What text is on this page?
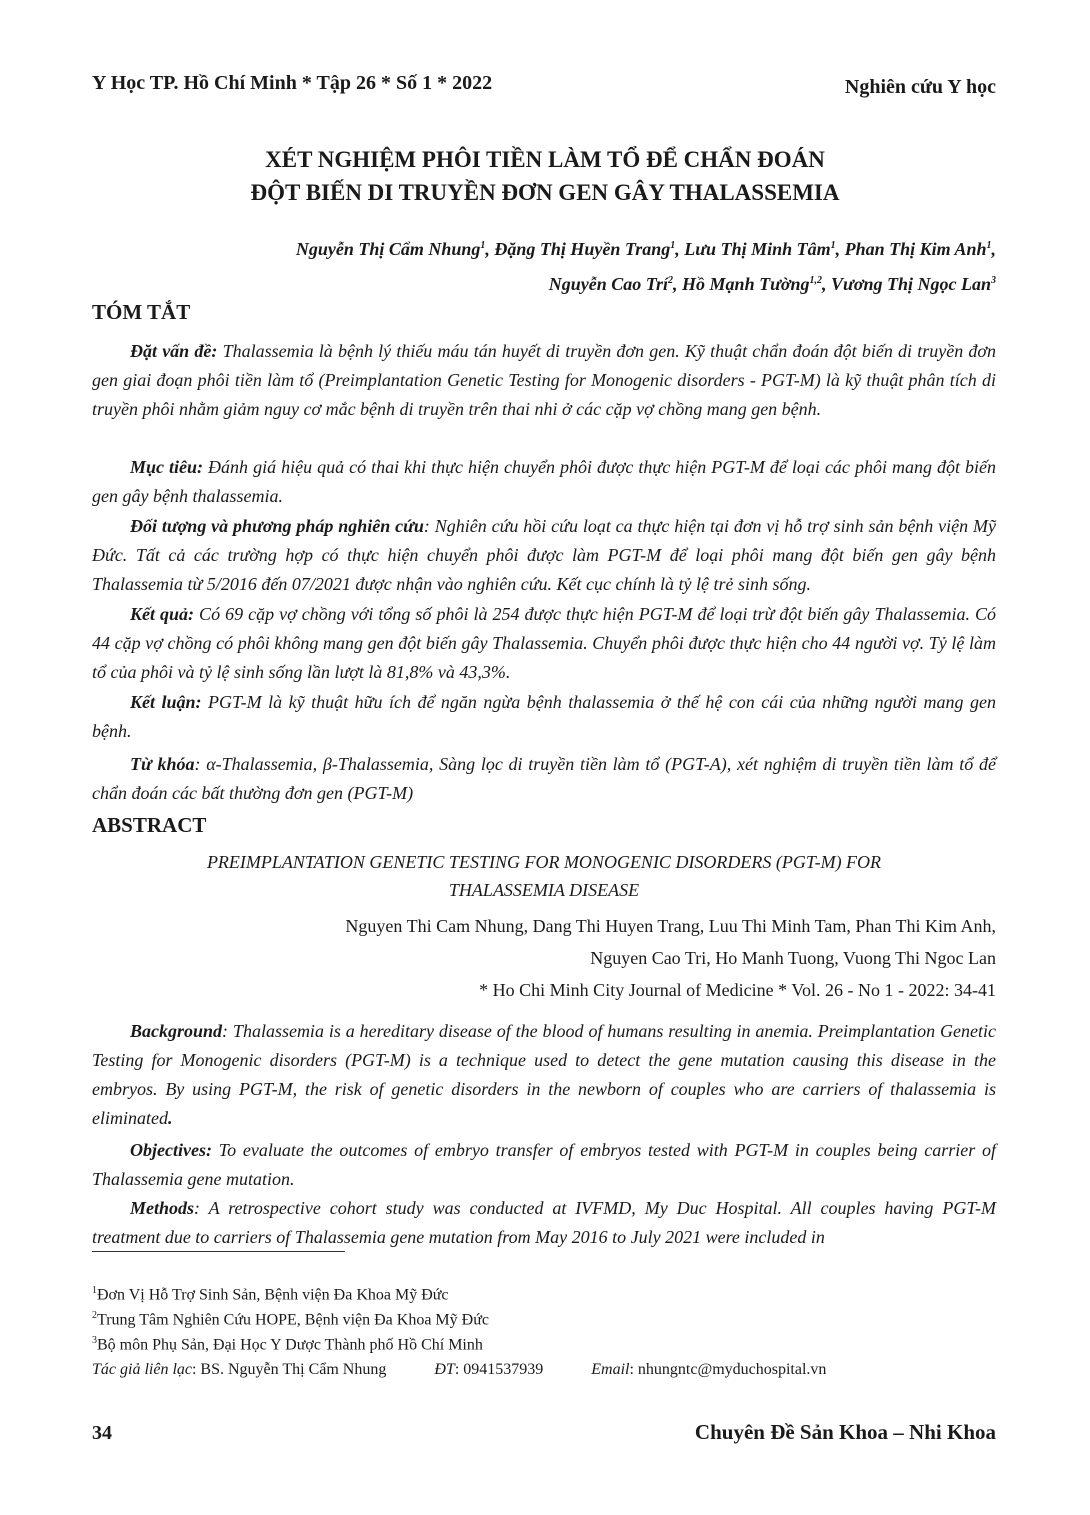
Y Học TP. Hồ Chí Minh * Tập 26 * Số 1 * 2022	Nghiên cứu Y học
XÉT NGHIỆM PHÔI TIỀN LÀM TỔ ĐỂ CHẨN ĐOÁN
ĐỘT BIẾN DI TRUYỀN ĐƠN GEN GÂY THALASSEMIA
Nguyễn Thị Cẩm Nhung$^1$, Đặng Thị Huyền Trang$^1$, Lưu Thị Minh Tâm$^1$, Phan Thị Kim Anh$^1$,
Nguyễn Cao Trí$^2$, Hồ Mạnh Tường$^{1,2}$, Vương Thị Ngọc Lan$^3$
TÓM TẮT
Đặt vấn đề: Thalassemia là bệnh lý thiếu máu tán huyết di truyền đơn gen. Kỹ thuật chẩn đoán đột biến di truyền đơn gen giai đoạn phôi tiền làm tổ (Preimplantation Genetic Testing for Monogenic disorders - PGT-M) là kỹ thuật phân tích di truyền phôi nhằm giảm nguy cơ mắc bệnh di truyền trên thai nhi ở các cặp vợ chồng mang gen bệnh.
Mục tiêu: Đánh giá hiệu quả có thai khi thực hiện chuyển phôi được thực hiện PGT-M để loại các phôi mang đột biến gen gây bệnh thalassemia.
Đối tượng và phương pháp nghiên cứu: Nghiên cứu hồi cứu loạt ca thực hiện tại đơn vị hỗ trợ sinh sản bệnh viện Mỹ Đức. Tất cả các trường hợp có thực hiện chuyển phôi được làm PGT-M để loại phôi mang đột biến gen gây bệnh Thalassemia từ 5/2016 đến 07/2021 được nhận vào nghiên cứu. Kết cục chính là tỷ lệ trẻ sinh sống.
Kết quả: Có 69 cặp vợ chồng với tổng số phôi là 254 được thực hiện PGT-M để loại trừ đột biến gây Thalassemia. Có 44 cặp vợ chồng có phôi không mang gen đột biến gây Thalassemia. Chuyển phôi được thực hiện cho 44 người vợ. Tỷ lệ làm tổ của phôi và tỷ lệ sinh sống lần lượt là 81,8% và 43,3%.
Kết luận: PGT-M là kỹ thuật hữu ích để ngăn ngừa bệnh thalassemia ở thế hệ con cái của những người mang gen bệnh.
Từ khóa: α-Thalassemia, β-Thalassemia, Sàng lọc di truyền tiền làm tổ (PGT-A), xét nghiệm di truyền tiền làm tổ để chẩn đoán các bất thường đơn gen (PGT-M)
ABSTRACT
PREIMPLANTATION GENETIC TESTING FOR MONOGENIC DISORDERS (PGT-M) FOR
THALASSEMIA DISEASE
Nguyen Thi Cam Nhung, Dang Thi Huyen Trang, Luu Thi Minh Tam, Phan Thi Kim Anh,
Nguyen Cao Tri, Ho Manh Tuong, Vuong Thi Ngoc Lan
* Ho Chi Minh City Journal of Medicine * Vol. 26 - No 1 - 2022: 34-41
Background: Thalassemia is a hereditary disease of the blood of humans resulting in anemia. Preimplantation Genetic Testing for Monogenic disorders (PGT-M) is a technique used to detect the gene mutation causing this disease in the embryos. By using PGT-M, the risk of genetic disorders in the newborn of couples who are carriers of thalassemia is eliminated.
Objectives: To evaluate the outcomes of embryo transfer of embryos tested with PGT-M in couples being carrier of Thalassemia gene mutation.
Methods: A retrospective cohort study was conducted at IVFMD, My Duc Hospital. All couples having PGT-M treatment due to carriers of Thalassemia gene mutation from May 2016 to July 2021 were included in
$^1$Đơn Vị Hỗ Trợ Sinh Sản, Bệnh viện Đa Khoa Mỹ Đức
$^2$Trung Tâm Nghiên Cứu HOPE, Bệnh viện Đa Khoa Mỹ Đức
$^3$Bộ môn Phụ Sản, Đại Học Y Dược Thành phố Hồ Chí Minh
Tác giả liên lạc: BS. Nguyễn Thị Cẩm Nhung	ĐT: 0941537939	Email: nhungntc@myduchospital.vn
34	Chuyên Đề Sản Khoa – Nhi Khoa
